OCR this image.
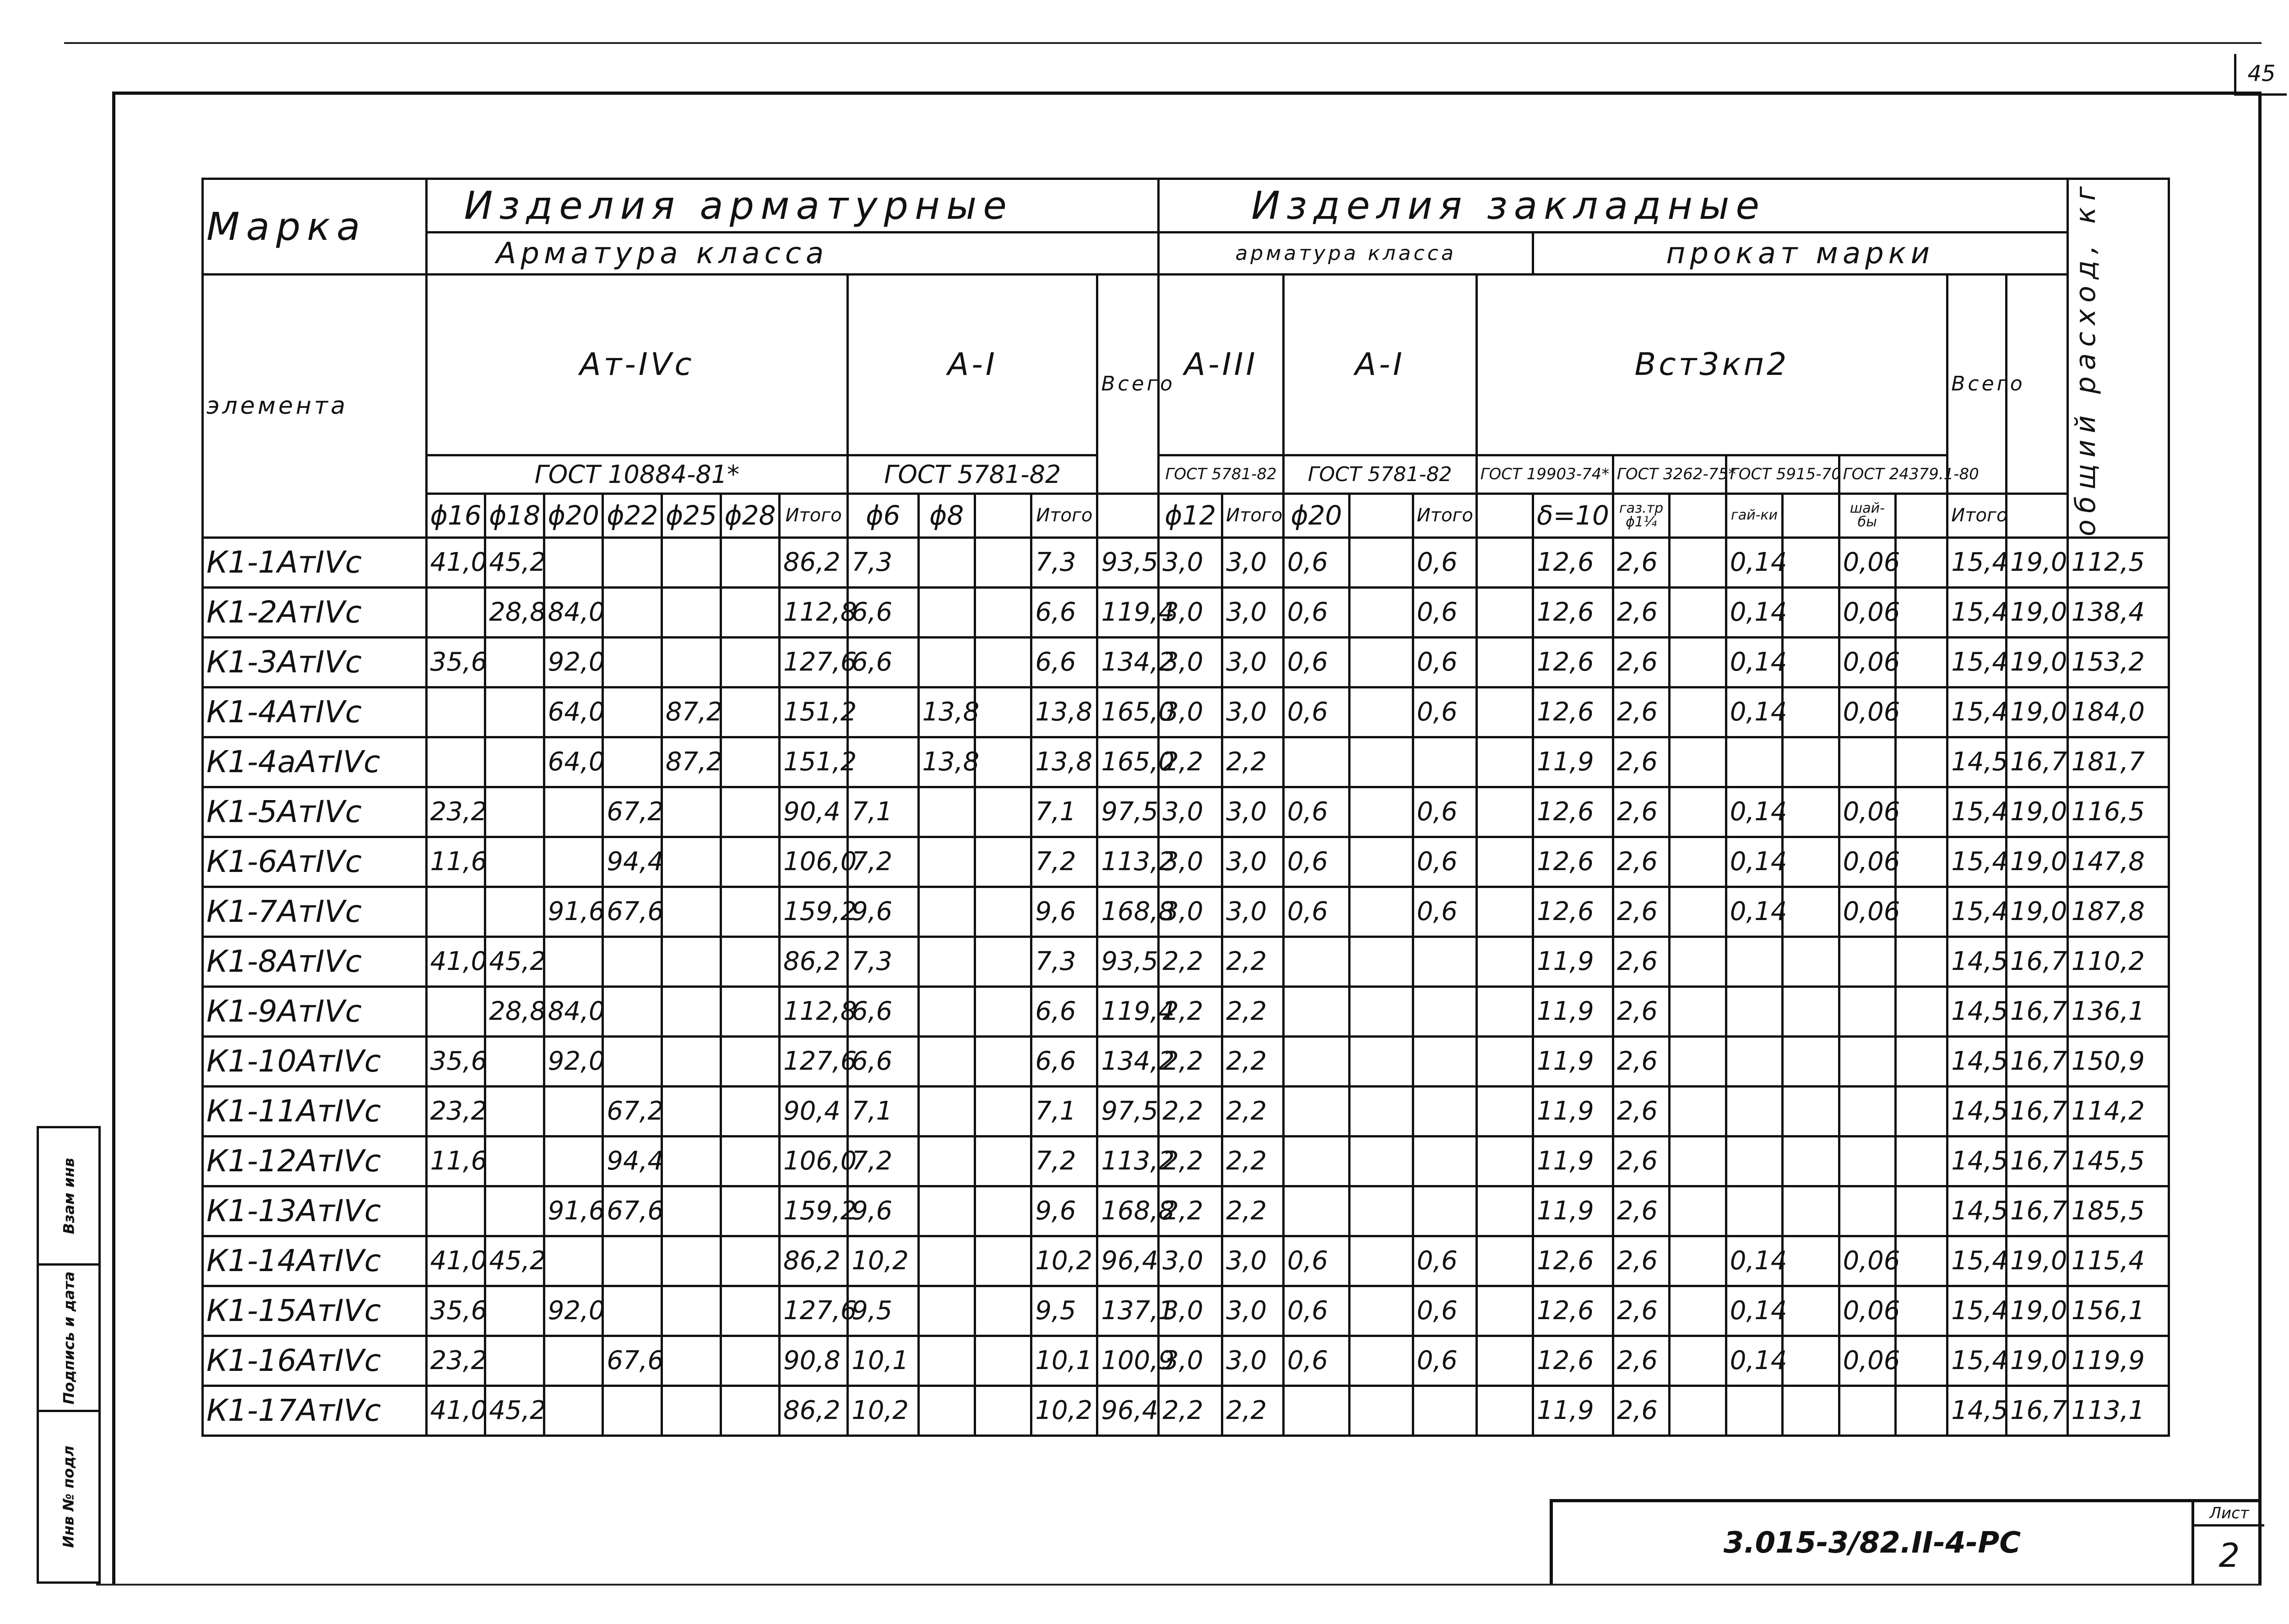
45
Инв № подл
Подпись и дата
Взам инв
3.015-3/82.II-4-РС
Лист
2
Марка	Изделия арматурные												Изделия закладные															общий расход, кг

	Арматура класса												арматура класса						прокат марки									
элемента	Ат-IVс							А-I				Всего	А-III		А-I			Вст3кп2								Всего		
	ГОСТ 10884-81*							ГОСТ 5781-82					ГОСТ 5781-82		ГОСТ 5781-82			ГОСТ 19903-74*		ГОСТ 3262-75*		ГОСТ 5915-70		ГОСТ 24379.1-80				
	ϕ16	ϕ18	ϕ20	ϕ22	ϕ25	ϕ28	Итого	ϕ6	ϕ8		Итого		ϕ12	Итого	ϕ20		Итого		δ=10	газ.тр ϕ1¼		гай-ки		шай-бы		Итого		
К1-1АтIVс	41,0	45,2					86,2	7,3			7,3	93,5	3,0	3,0	0,6		0,6		12,6	2,6		0,14		0,06		15,4	19,0	112,5
К1-2АтIVс		28,8	84,0				112,8	6,6			6,6	119,4	3,0	3,0	0,6		0,6		12,6	2,6		0,14		0,06		15,4	19,0	138,4
К1-3АтIVс	35,6		92,0				127,6	6,6			6,6	134,2	3,0	3,0	0,6		0,6		12,6	2,6		0,14		0,06		15,4	19,0	153,2
К1-4АтIVс			64,0		87,2		151,2		13,8		13,8	165,0	3,0	3,0	0,6		0,6		12,6	2,6		0,14		0,06		15,4	19,0	184,0
К1-4аАтIVс			64,0		87,2		151,2		13,8		13,8	165,0	2,2	2,2					11,9	2,6						14,5	16,7	181,7
К1-5АтIVс	23,2			67,2			90,4	7,1			7,1	97,5	3,0	3,0	0,6		0,6		12,6	2,6		0,14		0,06		15,4	19,0	116,5
К1-6АтIVс	11,6			94,4			106,0	7,2			7,2	113,2	3,0	3,0	0,6		0,6		12,6	2,6		0,14		0,06		15,4	19,0	147,8
К1-7АтIVс			91,6	67,6			159,2	9,6			9,6	168,8	3,0	3,0	0,6		0,6		12,6	2,6		0,14		0,06		15,4	19,0	187,8
К1-8АтIVс	41,0	45,2					86,2	7,3			7,3	93,5	2,2	2,2					11,9	2,6						14,5	16,7	110,2
К1-9АтIVс		28,8	84,0				112,8	6,6			6,6	119,4	2,2	2,2					11,9	2,6						14,5	16,7	136,1
К1-10АтIVс	35,6		92,0				127,6	6,6			6,6	134,2	2,2	2,2					11,9	2,6						14,5	16,7	150,9
К1-11АтIVс	23,2			67,2			90,4	7,1			7,1	97,5	2,2	2,2					11,9	2,6						14,5	16,7	114,2
К1-12АтIVс	11,6			94,4			106,0	7,2			7,2	113,2	2,2	2,2					11,9	2,6						14,5	16,7	145,5
К1-13АтIVс			91,6	67,6			159,2	9,6			9,6	168,8	2,2	2,2					11,9	2,6						14,5	16,7	185,5
К1-14АтIVс	41,0	45,2					86,2	10,2			10,2	96,4	3,0	3,0	0,6		0,6		12,6	2,6		0,14		0,06		15,4	19,0	115,4
К1-15АтIVс	35,6		92,0				127,6	9,5			9,5	137,1	3,0	3,0	0,6		0,6		12,6	2,6		0,14		0,06		15,4	19,0	156,1
К1-16АтIVс	23,2			67,6			90,8	10,1			10,1	100,9	3,0	3,0	0,6		0,6		12,6	2,6		0,14		0,06		15,4	19,0	119,9
К1-17АтIVс	41,0	45,2					86,2	10,2			10,2	96,4	2,2	2,2					11,9	2,6						14,5	16,7	113,1
